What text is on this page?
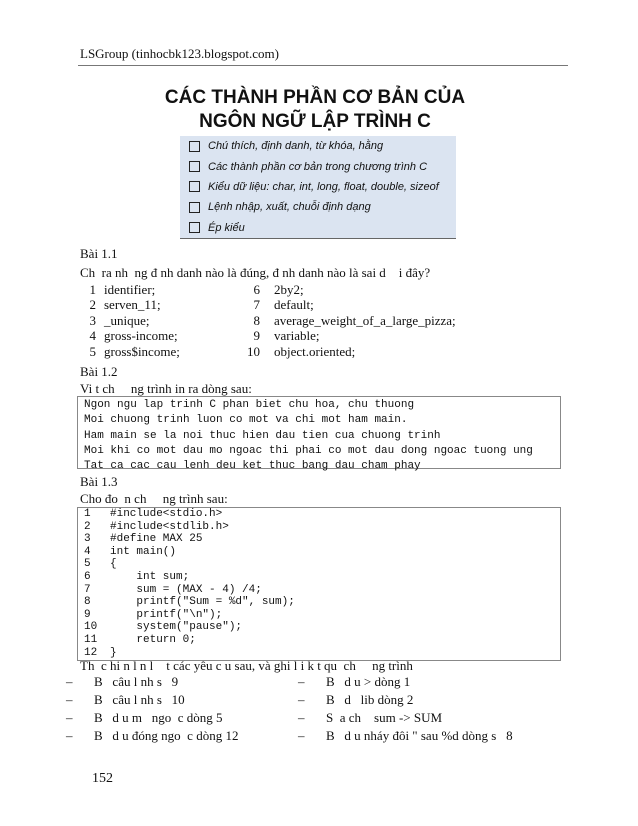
LSGroup (tinhocbk123.blogspot.com)
CÁC THÀNH PHẦN CƠ BẢN CỦA
NGÔN NGỮ LẬP TRÌNH C
Chú thích, định danh, từ khóa, hằng
Các thành phần cơ bản trong chương trình C
Kiểu dữ liệu: char, int, long, float, double, sizeof
Lệnh nhập, xuất, chuỗi định dạng
Ép kiểu
Bài 1.1
Ch  ra nh  ng đ nh danh nào là đúng, đ nh danh nào là sai d    i đây?
1 identifier;	6	2by2;
2 serven_11;	7	default;
3 _unique;	8	average_weight_of_a_large_pizza;
4 gross-income;	9	variable;
5 gross$income;	10	object.oriented;
Bài 1.2
Vi t ch     ng trình in ra dòng sau:
Ngon ngu lap trinh C phan biet chu hoa, chu thuong
Moi chuong trinh luon co mot va chi mot ham main.
Ham main se la noi thuc hien dau tien cua chuong trinh
Moi khi co mot dau mo ngoac thi phai co mot dau dong ngoac tuong ung
Tat ca cac cau lenh deu ket thuc bang dau cham phay
Bài 1.3
Cho đo  n ch     ng trình sau:
1 #include<stdio.h>
2 #include<stdlib.h>
3 #define MAX 25
4 int main()
5 {
6    int sum;
7    sum = (MAX - 4) /4;
8    printf("Sum = %d", sum);
9    printf("\n");
10    system("pause");
11    return 0;
12 }
Th  c hi n l n l    t các yêu c u sau, và ghi l i k t qu  ch     ng trình
–	B   câu l nh s   9	–	B   d u > dòng 1
–	B   câu l nh s   10	–	B   d   lib dòng 2
–	B   d u m   ngo  c dòng 5	–	S  a ch    sum -> SUM
–	B   d u đóng ngo  c dòng 12	–	B   d u nháy đôi " sau %d dòng s   8
152
